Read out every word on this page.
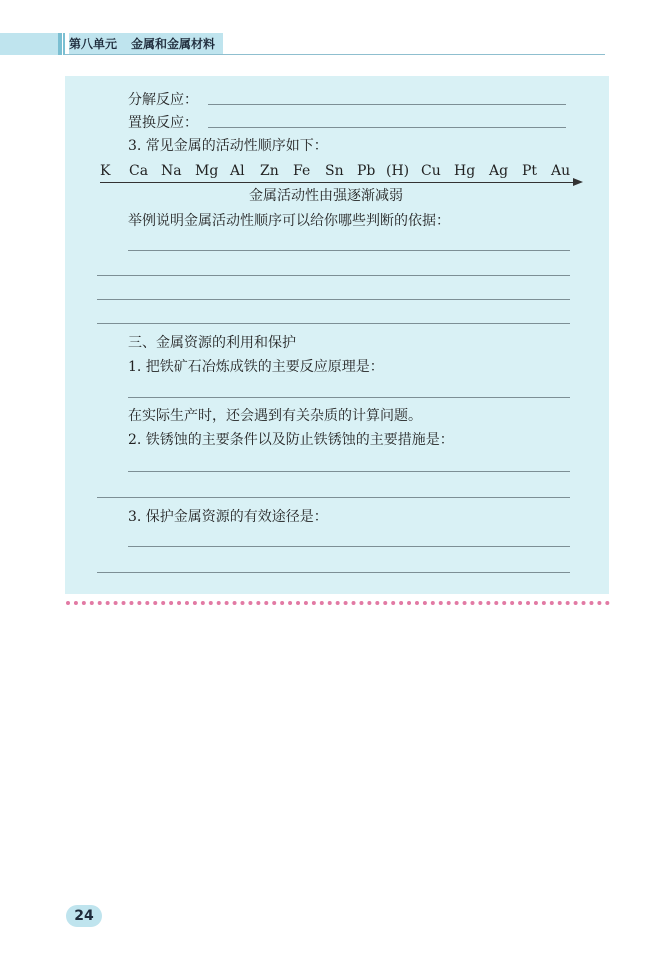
第八单元 金属和金属材料
分解反应：
置换反应：
3. 常见金属的活动性顺序如下：
K Ca Na Mg Al Zn Fe Sn Pb (H) Cu Hg Ag Pt Au
金属活动性由强逐渐减弱
举例说明金属活动性顺序可以给你哪些判断的依据：
三、金属资源的利用和保护
1. 把铁矿石冶炼成铁的主要反应原理是：
在实际生产时，还会遇到有关杂质的计算问题。
2. 铁锈蚀的主要条件以及防止铁锈蚀的主要措施是：
3. 保护金属资源的有效途径是：
24
